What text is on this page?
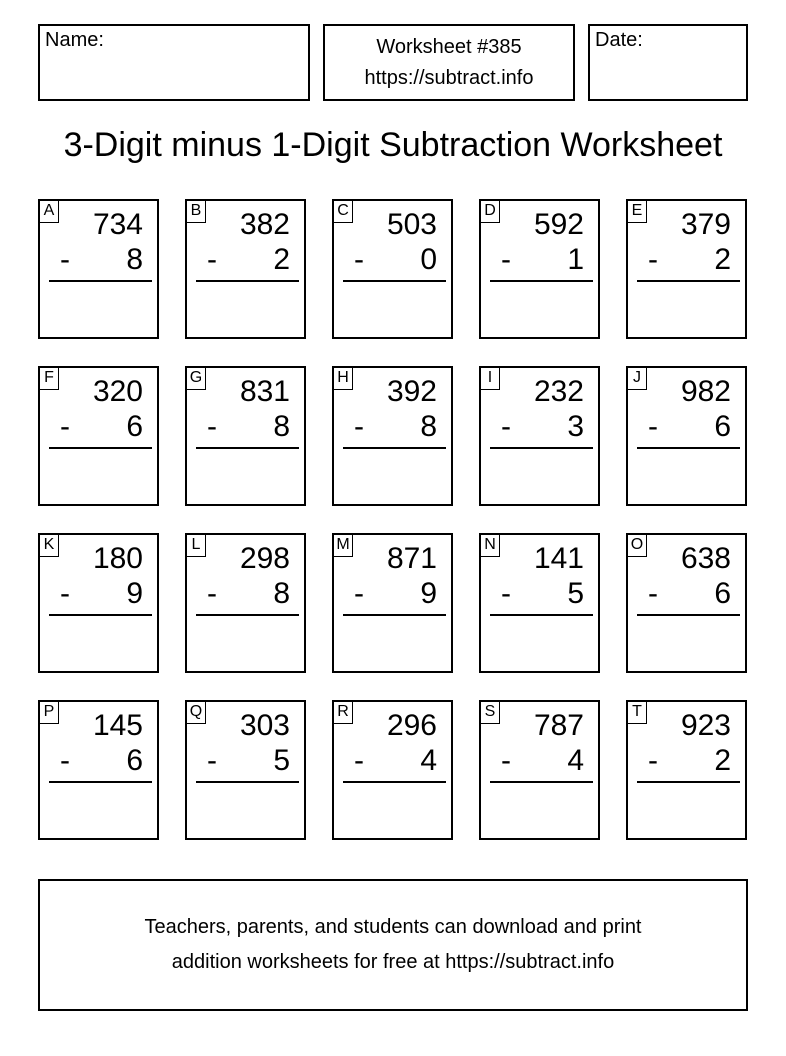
Name:	Worksheet #385
https://subtract.info
Date:
3-Digit minus 1-Digit Subtraction Worksheet
A 734
- 8
B 382
- 2
C 503
- 0
D 592
- 1
E 379
- 2
F 320
- 6
G 831
- 8
H 392
- 8
I 232
- 3
J 982
- 6
K 180
- 9
L 298
- 8
M 871
- 9
N 141
- 5
O 638
- 6
P 145
- 6
Q 303
- 5
R 296
- 4
S 787
- 4
T 923
- 2
Teachers, parents, and students can download and print
addition worksheets for free at https://subtract.info
